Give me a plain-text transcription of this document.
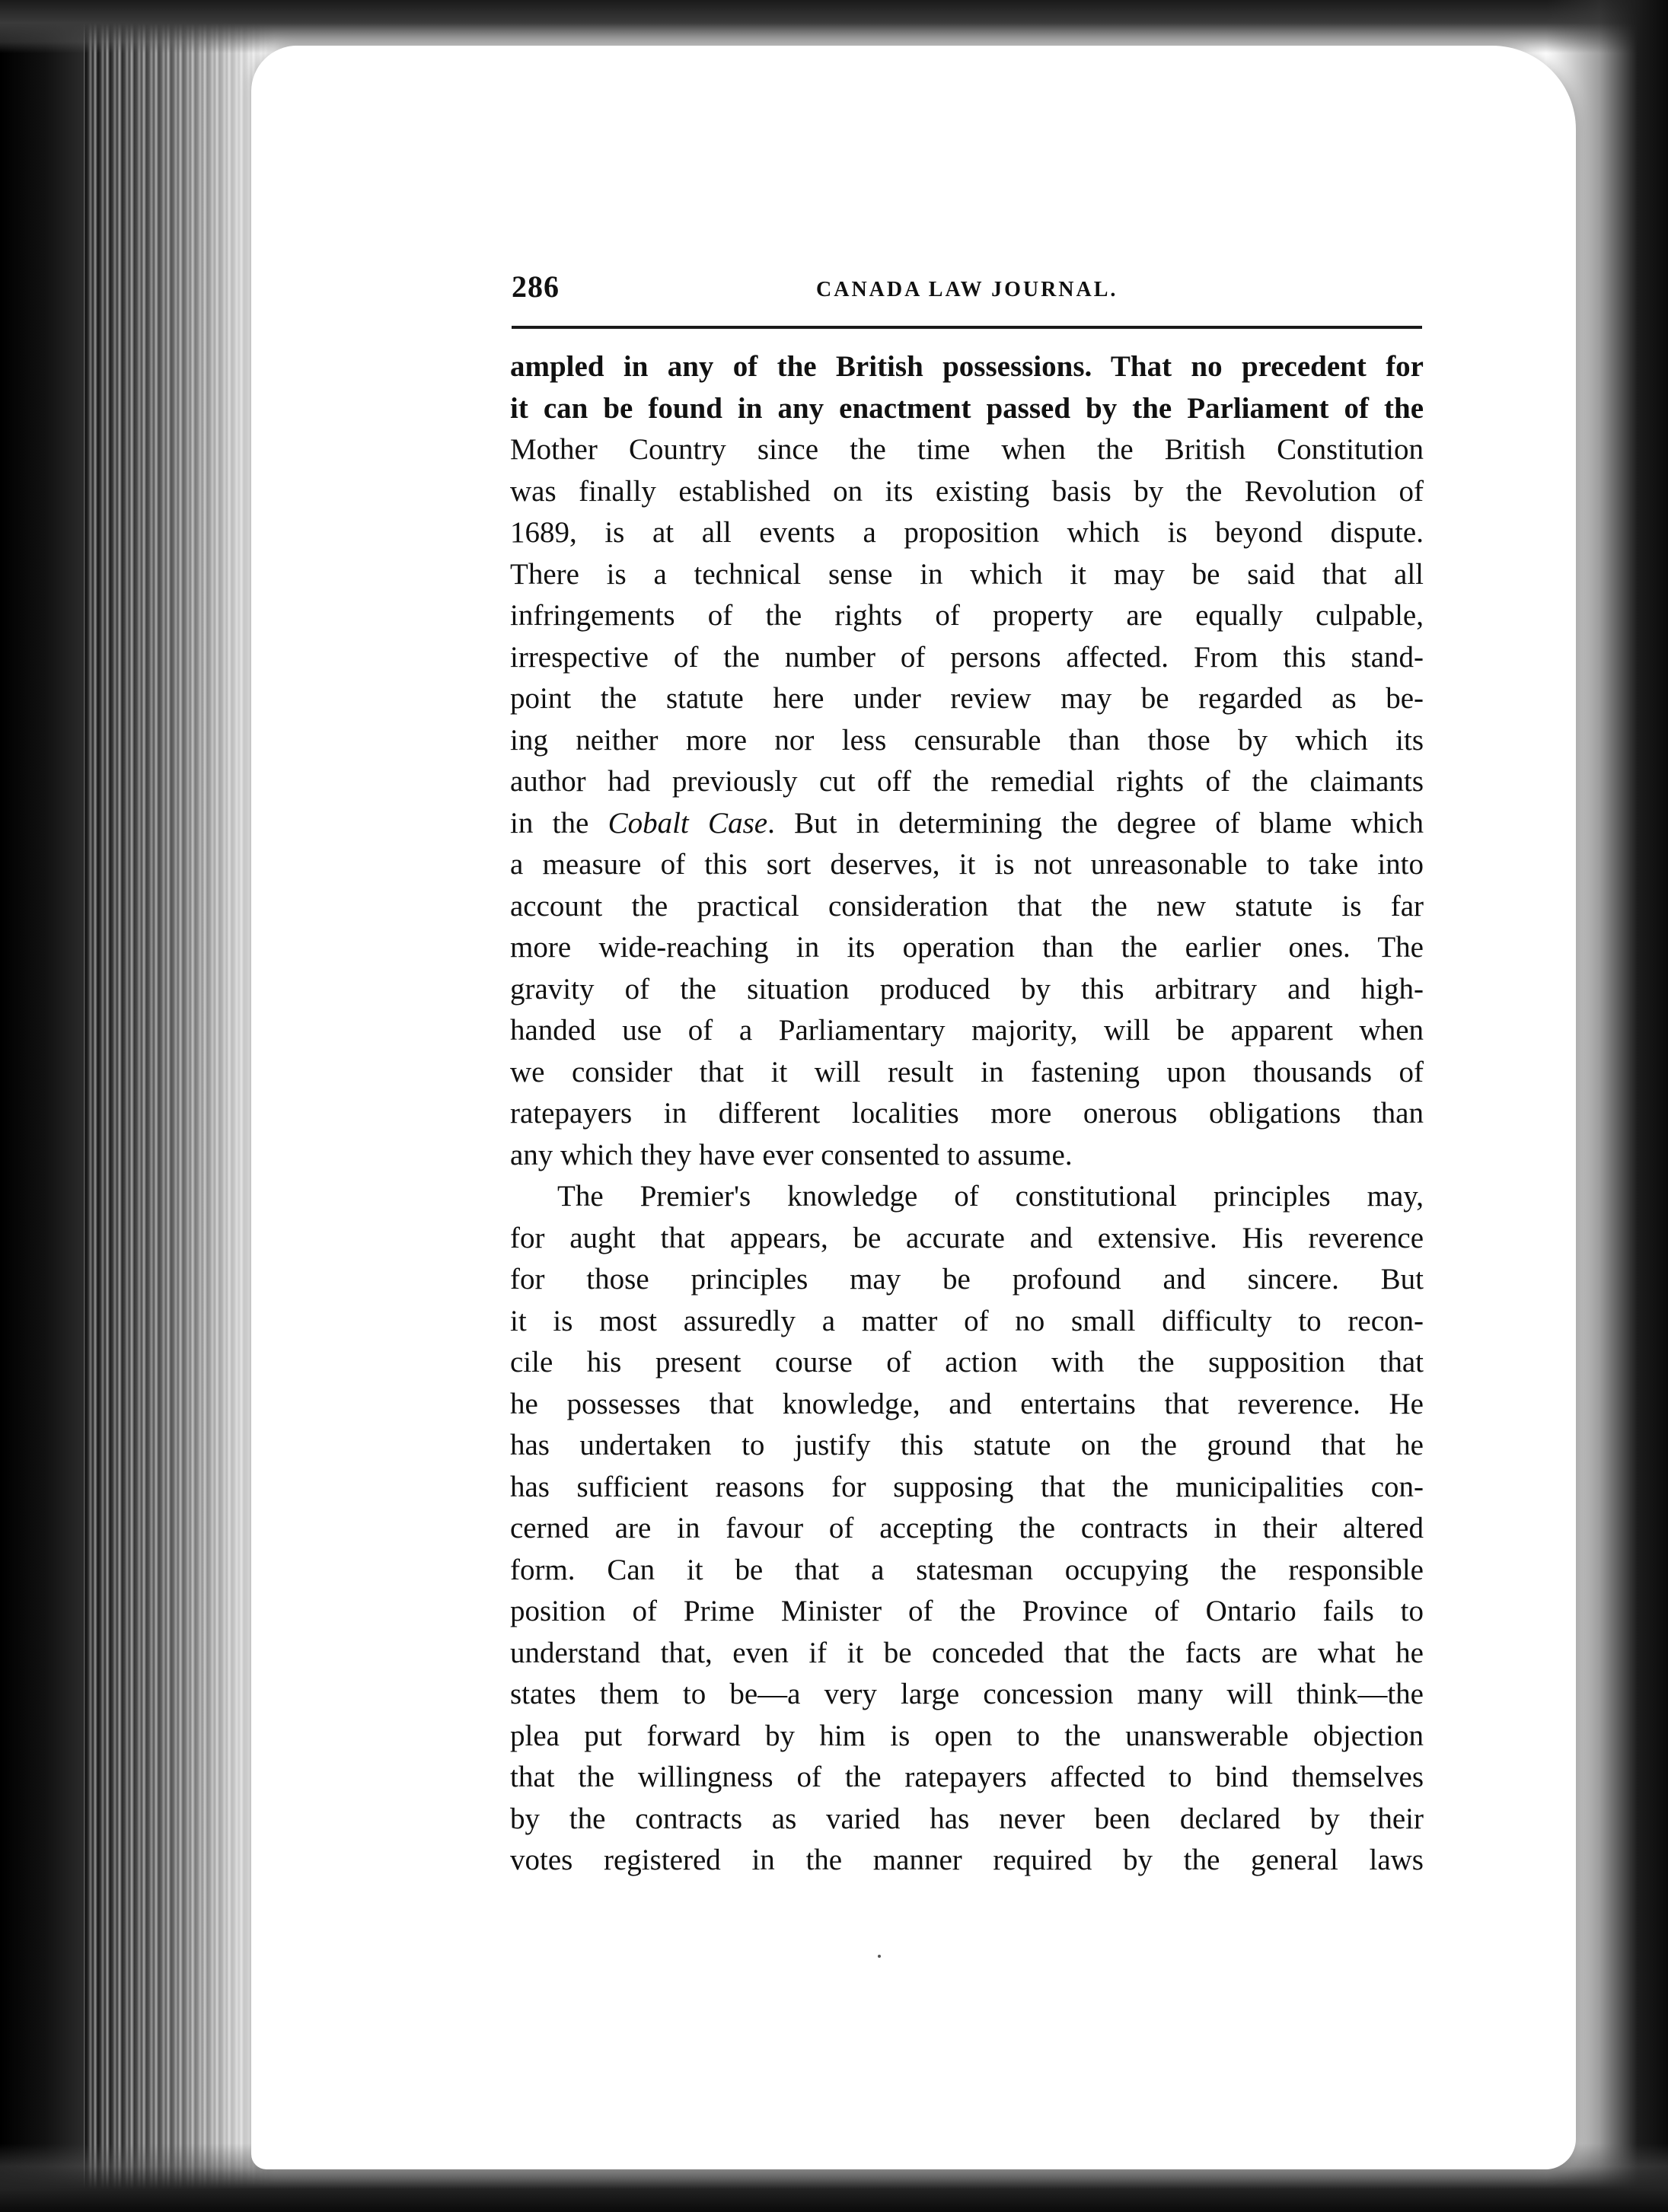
286	CANADA LAW JOURNAL.
ampled in any of the British possessions. That no precedent for
it can be found in any enactment passed by the Parliament of the
Mother Country since the time when the British Constitution
was finally established on its existing basis by the Revolution of
1689, is at all events a proposition which is beyond dispute.
There is a technical sense in which it may be said that all
infringements of the rights of property are equally culpable,
irrespective of the number of persons affected. From this stand-
point the statute here under review may be regarded as be-
ing neither more nor less censurable than those by which its
author had previously cut off the remedial rights of the claimants
in the Cobalt Case. But in determining the degree of blame which
a measure of this sort deserves, it is not unreasonable to take into
account the practical consideration that the new statute is far
more wide-reaching in its operation than the earlier ones. The
gravity of the situation produced by this arbitrary and high-
handed use of a Parliamentary majority, will be apparent when
we consider that it will result in fastening upon thousands of
ratepayers in different localities more onerous obligations than
any which they have ever consented to assume.
The Premier's knowledge of constitutional principles may,
for aught that appears, be accurate and extensive. His reverence
for those principles may be profound and sincere. But
it is most assuredly a matter of no small difficulty to recon-
cile his present course of action with the supposition that
he possesses that knowledge, and entertains that reverence. He
has undertaken to justify this statute on the ground that he
has sufficient reasons for supposing that the municipalities con-
cerned are in favour of accepting the contracts in their altered
form. Can it be that a statesman occupying the responsible
position of Prime Minister of the Province of Ontario fails to
understand that, even if it be conceded that the facts are what he
states them to be—a very large concession many will think—the
plea put forward by him is open to the unanswerable objection
that the willingness of the ratepayers affected to bind themselves
by the contracts as varied has never been declared by their
votes registered in the manner required by the general laws
